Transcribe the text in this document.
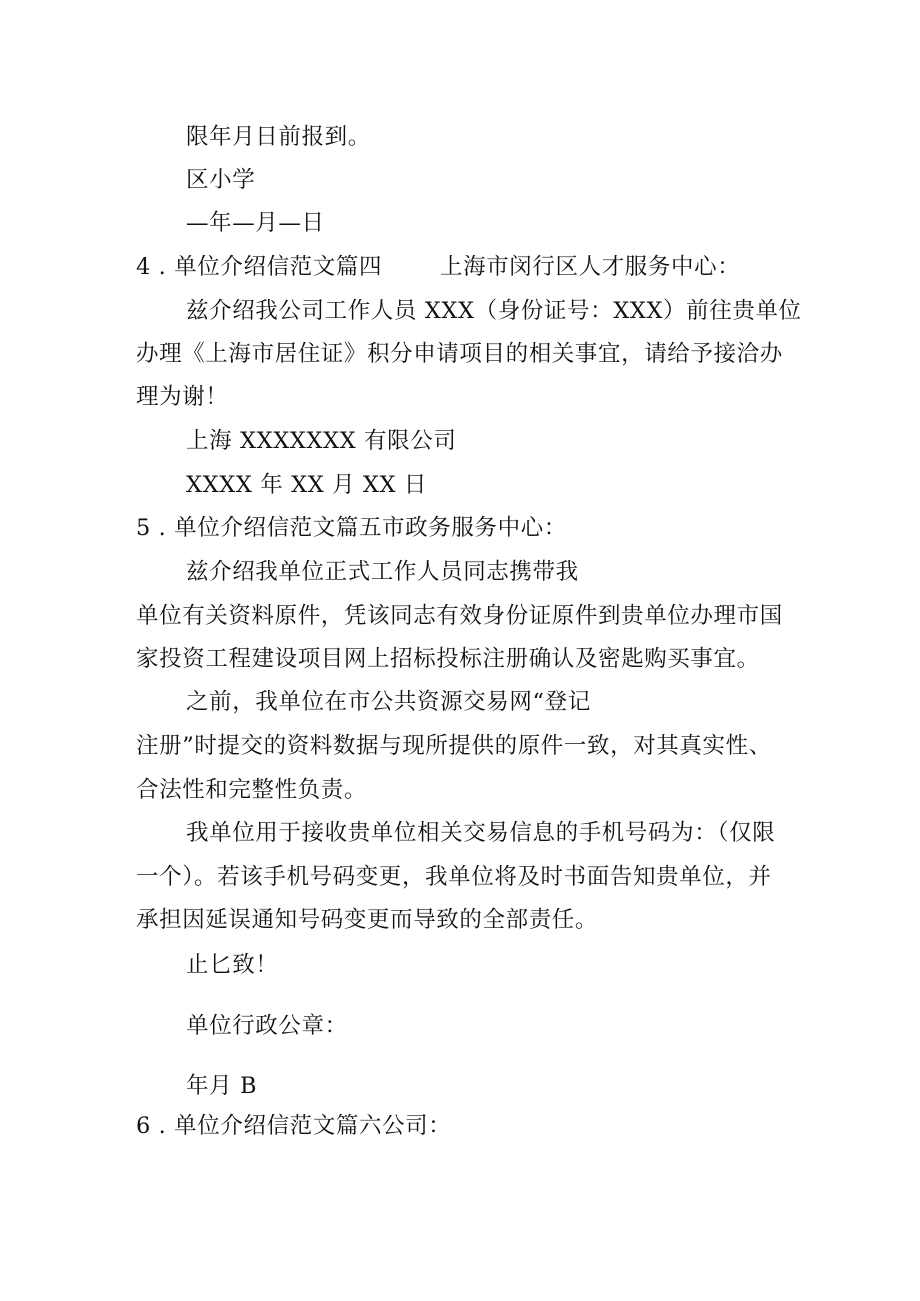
限年月日前报到。
区小学
—年—月—日
4 . 单位介绍信范文篇四	上海市闵行区人才服务中心：
兹介绍我公司工作人员 XXX（身份证号：XXX）前往贵单位
办理《上海市居住证》积分申请项目的相关事宜，请给予接洽办
理为谢！
上海 XXXXXXX 有限公司
XXXX 年 XX 月 XX 日
5 . 单位介绍信范文篇五市政务服务中心：
兹介绍我单位正式工作人员同志携带我
单位有关资料原件，凭该同志有效身份证原件到贵单位办理市国
家投资工程建设项目网上招标投标注册确认及密匙购买事宜。
之前，我单位在市公共资源交易网“登记
注册”时提交的资料数据与现所提供的原件一致，对其真实性、
合法性和完整性负责。
我单位用于接收贵单位相关交易信息的手机号码为：（仅限
一个）。若该手机号码变更，我单位将及时书面告知贵单位，并
承担因延误通知号码变更而导致的全部责任。
止匕致！
单位行政公章：
年月 B
6 . 单位介绍信范文篇六公司：
